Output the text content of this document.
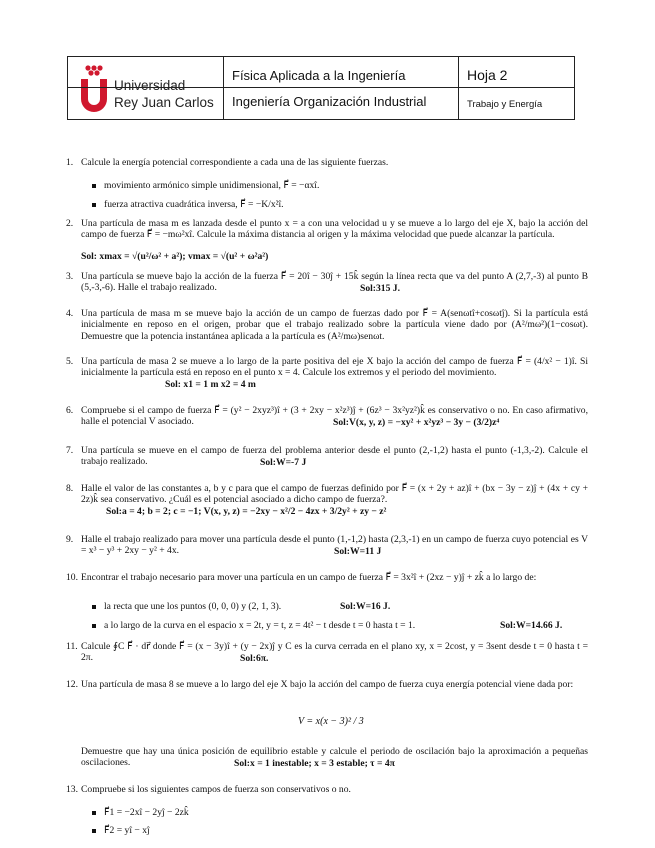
Universidad
Rey Juan Carlos
Física Aplicada a la Ingeniería
Ingeniería Organización Industrial
Hoja 2
Trabajo y Energía
1. Calcule la energía potencial correspondiente a cada una de las siguiente fuerzas.
movimiento armónico simple unidimensional, F⃗ = −αxî.
fuerza atractiva cuadrática inversa, F⃗ = −K/x²î.
2. Una partícula de masa m es lanzada desde el punto x = a con una velocidad u y se mueve a lo largo del eje X, bajo la acción del campo de fuerza F⃗ = −mω²xî. Calcule la máxima distancia al origen y la máxima velocidad que puede alcanzar la partícula.
Sol: xmax = √(u²/ω² + a²); vmax = √(u² + ω²a²)
3. Una partícula se mueve bajo la acción de la fuerza F⃗ = 20î − 30ĵ + 15k̂ según la línea recta que va del punto A (2,7,-3) al punto B (5,-3,-6). Halle el trabajo realizado.	Sol:315 J.
4. Una partícula de masa m se mueve bajo la acción de un campo de fuerzas dado por F⃗ = A(senωtî+cosωtĵ). Si la partícula está inicialmente en reposo en el origen, probar que el trabajo realizado sobre la partícula viene dado por (A²/mω²)(1−cosωt). Demuestre que la potencia instantánea aplicada a la partícula es (A²/mω)senωt.
5. Una partícula de masa 2 se mueve a lo largo de la parte positiva del eje X bajo la acción del campo de fuerza F⃗ = (4/x² − 1)î. Si inicialmente la partícula está en reposo en el punto x = 4. Calcule los extremos y el periodo del movimiento.
Sol: x1 = 1 m x2 = 4 m
6. Compruebe si el campo de fuerza F⃗ = (y² − 2xyz³)î + (3 + 2xy − x²z³)ĵ + (6z³ − 3x²yz²)k̂ es conservativo o no. En caso afirmativo, halle el potencial V asociado.	Sol:V(x, y, z) = −xy² + x²yz³ − 3y − (3/2)z⁴
7. Una partícula se mueve en el campo de fuerza del problema anterior desde el punto (2,-1,2) hasta el punto (-1,3,-2). Calcule el trabajo realizado.	Sol:W=-7 J
8. Halle el valor de las constantes a, b y c para que el campo de fuerzas definido por F⃗ = (x + 2y + az)î + (bx − 3y − z)ĵ + (4x + cy + 2z)k̂ sea conservativo. ¿Cuál es el potencial asociado a dicho campo de fuerza?.
Sol:a = 4; b = 2; c = −1; V(x, y, z) = −2xy − x²/2 − 4zx + 3/2y² + zy − z²
9. Halle el trabajo realizado para mover una partícula desde el punto (1,-1,2) hasta (2,3,-1) en un campo de fuerza cuyo potencial es V = x³ − y³ + 2xy − y² + 4x.	Sol:W=11 J
10. Encontrar el trabajo necesario para mover una partícula en un campo de fuerza F⃗ = 3x²î + (2xz − y)ĵ + zk̂ a lo largo de:
la recta que une los puntos (0, 0, 0) y (2, 1, 3).	Sol:W=16 J.
a lo largo de la curva en el espacio x = 2t, y = t, z = 4t² − t desde t = 0 hasta t = 1.	Sol:W=14.66 J.
11. Calcule ∮C F⃗ · dr⃗ donde F⃗ = (x − 3y)î + (y − 2x)ĵ y C es la curva cerrada en el plano xy, x = 2cost, y = 3sent desde t = 0 hasta t = 2π.	Sol:6π.
12. Una partícula de masa 8 se mueve a lo largo del eje X bajo la acción del campo de fuerza cuya energía potencial viene dada por:
V = x(x − 3)² / 3
Demuestre que hay una única posición de equilibrio estable y calcule el periodo de oscilación bajo la aproximación a pequeñas oscilaciones.	Sol:x = 1 inestable; x = 3 estable; τ = 4π
13. Compruebe si los siguientes campos de fuerza son conservativos o no.
F⃗1 = −2xî − 2yĵ − 2zk̂
F⃗2 = yî − xĵ
